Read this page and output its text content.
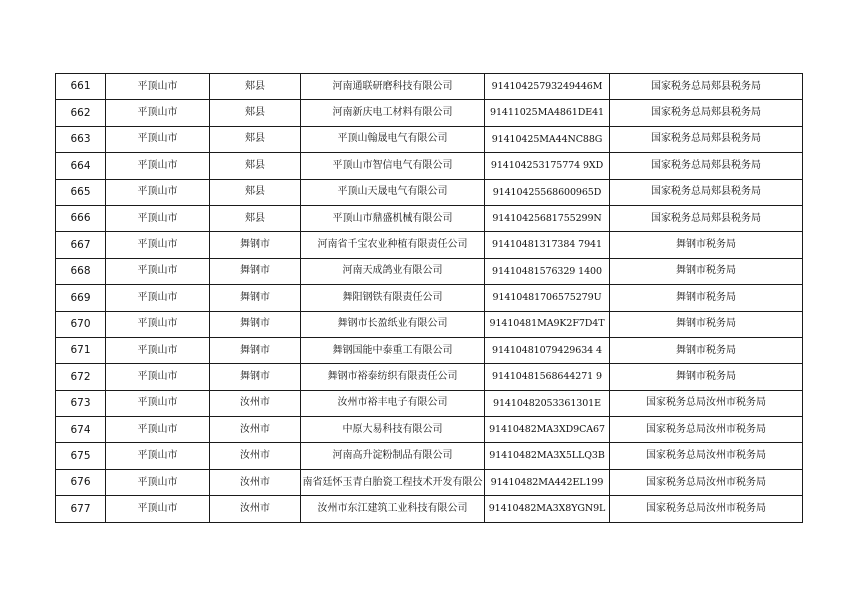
661	平顶山市	郏县	河南通联研磨科技有限公司	91410425793249446M	国家税务总局郏县税务局
662	平顶山市	郏县	河南新庆电工材料有限公司	91411025MA4861DE41	国家税务总局郏县税务局
663	平顶山市	郏县	平顶山翰晟电气有限公司	91410425MA44NC88G	国家税务总局郏县税务局
664	平顶山市	郏县	平顶山市智信电气有限公司	914104253175774 9XD	国家税务总局郏县税务局
665	平顶山市	郏县	平顶山天晟电气有限公司	91410425568600965D	国家税务总局郏县税务局
666	平顶山市	郏县	平顶山市鼎盛机械有限公司	91410425681755299N	国家税务总局郏县税务局
667	平顶山市	舞钢市	河南省千宝农业种植有限责任公司	91410481317384 7941	舞钢市税务局
668	平顶山市	舞钢市	河南天成鸽业有限公司	91410481576329 1400	舞钢市税务局
669	平顶山市	舞钢市	舞阳钢铁有限责任公司	91410481706575279U	舞钢市税务局
670	平顶山市	舞钢市	舞钢市长盈纸业有限公司	91410481MA9K2F7D4T	舞钢市税务局
671	平顶山市	舞钢市	舞钢国能中泰重工有限公司	91410481079429634 4	舞钢市税务局
672	平顶山市	舞钢市	舞钢市裕泰纺织有限责任公司	91410481568644271 9	舞钢市税务局
673	平顶山市	汝州市	汝州市裕丰电子有限公司	91410482053361301E	国家税务总局汝州市税务局
674	平顶山市	汝州市	中原大易科技有限公司	91410482MA3XD9CA67	国家税务总局汝州市税务局
675	平顶山市	汝州市	河南高升淀粉制品有限公司	91410482MA3X5LLQ3B	国家税务总局汝州市税务局
676	平顶山市	汝州市	南省廷怀玉青白胎瓷工程技术开发有限公	91410482MA442EL199	国家税务总局汝州市税务局
677	平顶山市	汝州市	汝州市东江建筑工业科技有限公司	91410482MA3X8YGN9L	国家税务总局汝州市税务局
